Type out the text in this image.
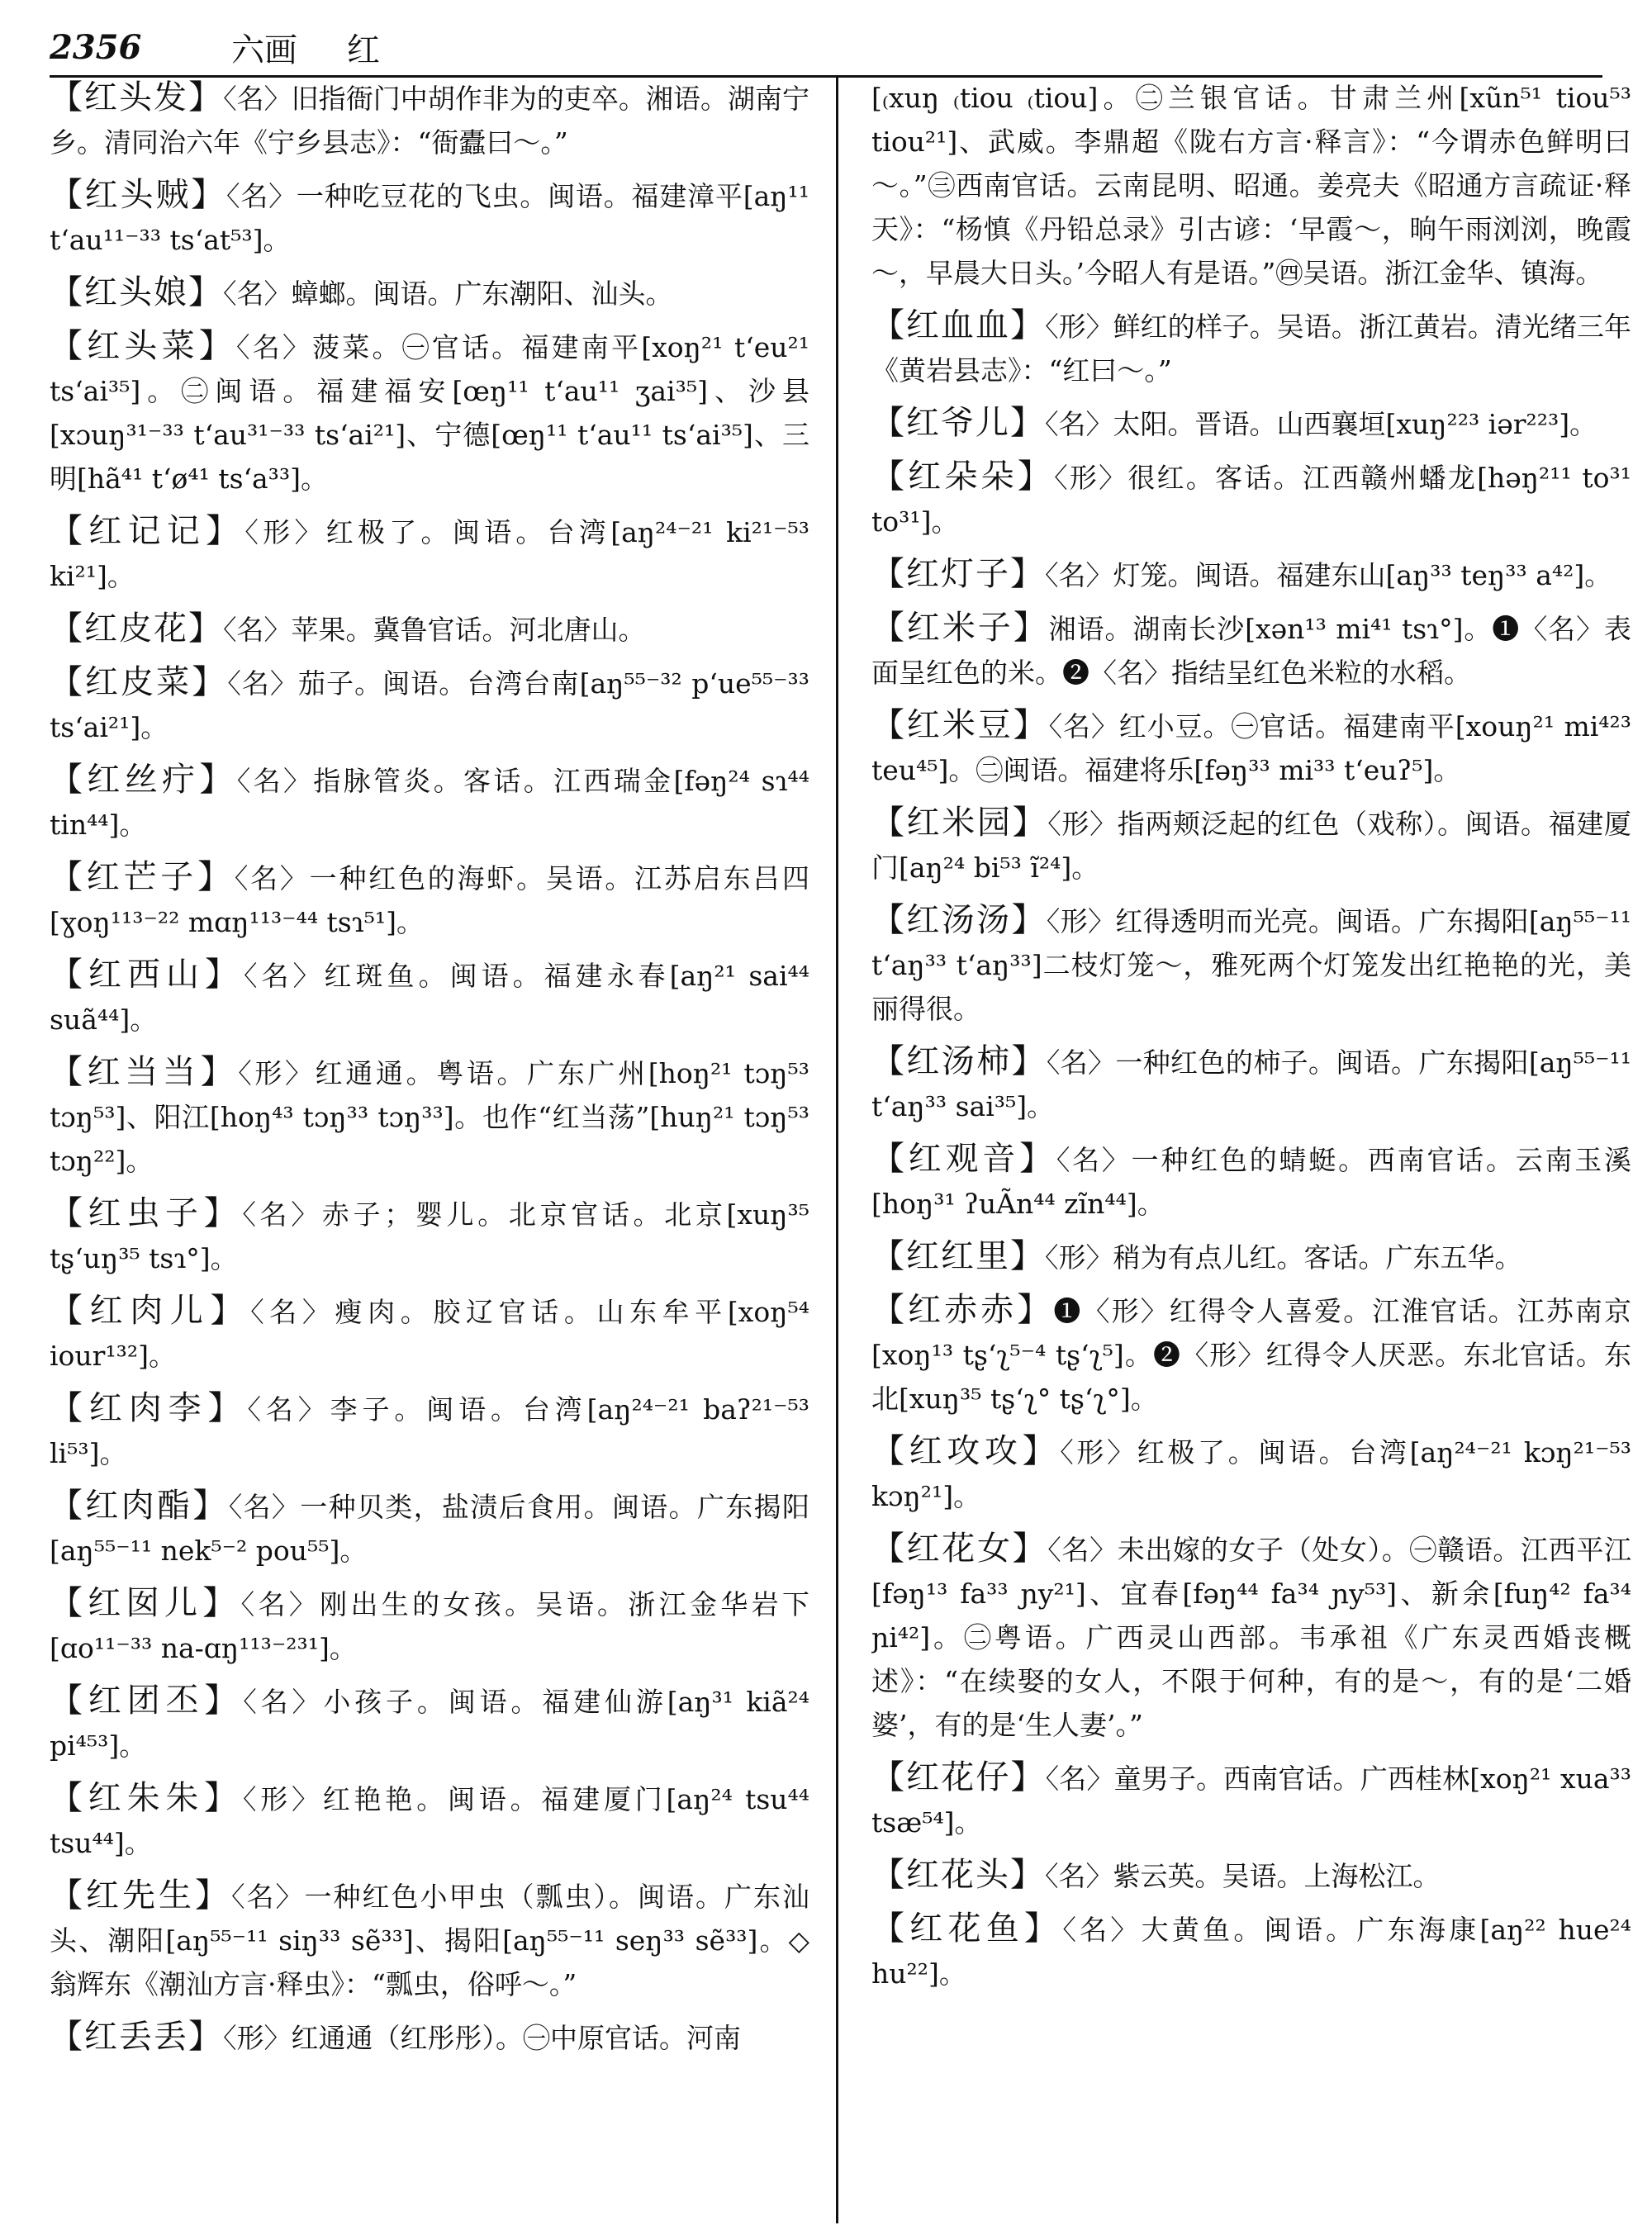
2356	六画 红

【红头发】〈名〉旧指衙门中胡作非为的吏卒。湘语。湖南宁乡。清同治六年《宁乡县志》：“衙蠹曰～。”

【红头贼】〈名〉一种吃豆花的飞虫。闽语。福建漳平[aŋ¹¹ t‘au¹¹⁻³³ ts‘at⁵³]。

【红头娘】〈名〉蟑螂。闽语。广东潮阳、汕头。

【红头菜】〈名〉菠菜。㊀官话。福建南平[xoŋ²¹ t‘eu²¹ ts‘ai³⁵]。㊁闽语。福建福安[œŋ¹¹ t‘au¹¹ ʒai³⁵]、沙县[xɔuŋ³¹⁻³³ t‘au³¹⁻³³ ts‘ai²¹]、宁德[œŋ¹¹ t‘au¹¹ ts‘ai³⁵]、三明[hã⁴¹ t‘ø⁴¹ ts‘a³³]。

【红记记】〈形〉红极了。闽语。台湾[aŋ²⁴⁻²¹ ki²¹⁻⁵³ ki²¹]。

【红皮花】〈名〉苹果。冀鲁官话。河北唐山。

【红皮菜】〈名〉茄子。闽语。台湾台南[aŋ⁵⁵⁻³² p‘ue⁵⁵⁻³³ ts‘ai²¹]。

【红丝疔】〈名〉指脉管炎。客话。江西瑞金[fəŋ²⁴ sɿ⁴⁴ tin⁴⁴]。

【红芒子】〈名〉一种红色的海虾。吴语。江苏启东吕四[ɣoŋ¹¹³⁻²² mɑŋ¹¹³⁻⁴⁴ tsɿ⁵¹]。

【红西山】〈名〉红斑鱼。闽语。福建永春[aŋ²¹ sai⁴⁴ suã⁴⁴]。

【红当当】〈形〉红通通。粤语。广东广州[hoŋ²¹ tɔŋ⁵³ tɔŋ⁵³]、阳江[hoŋ⁴³ tɔŋ³³ tɔŋ³³]。也作“红当荡”[huŋ²¹ tɔŋ⁵³ tɔŋ²²]。

【红虫子】〈名〉赤子；婴儿。北京官话。北京[xuŋ³⁵ tʂ‘uŋ³⁵ tsɿ°]。

【红肉儿】〈名〉瘦肉。胶辽官话。山东牟平[xoŋ⁵⁴ iour¹³²]。

【红肉李】〈名〉李子。闽语。台湾[aŋ²⁴⁻²¹ baʔ²¹⁻⁵³ li⁵³]。

【红肉酯】〈名〉一种贝类，盐渍后食用。闽语。广东揭阳[aŋ⁵⁵⁻¹¹ nek⁵⁻² pou⁵⁵]。

【红囡儿】〈名〉刚出生的女孩。吴语。浙江金华岩下[ɑo¹¹⁻³³ na-ɑŋ¹¹³⁻²³¹]。

【红团丕】〈名〉小孩子。闽语。福建仙游[aŋ³¹ kiã²⁴ pi⁴⁵³]。

【红朱朱】〈形〉红艳艳。闽语。福建厦门[aŋ²⁴ tsu⁴⁴ tsu⁴⁴]。

【红先生】〈名〉一种红色小甲虫（瓢虫）。闽语。广东汕头、潮阳[aŋ⁵⁵⁻¹¹ siŋ³³ sẽ³³]、揭阳[aŋ⁵⁵⁻¹¹ seŋ³³ sẽ³³]。◇翁辉东《潮汕方言·释虫》：“瓢虫，俗呼～。”

【红丢丢】〈形〉红通通（红彤彤）。㊀中原官话。河南

[₍xuŋ ₍tiou ₍tiou]。㊁兰银官话。甘肃兰州[xũn⁵¹ tiou⁵³ tiou²¹]、武威。李鼎超《陇右方言·释言》：“今谓赤色鲜明曰～。”㊂西南官话。云南昆明、昭通。姜亮夫《昭通方言疏证·释天》：“杨慎《丹铅总录》引古谚：‘早霞～，晌午雨浏浏，晚霞～，早晨大日头。’今昭人有是语。”㊃吴语。浙江金华、镇海。

【红血血】〈形〉鲜红的样子。吴语。浙江黄岩。清光绪三年《黄岩县志》：“红曰～。”

【红爷儿】〈名〉太阳。晋语。山西襄垣[xuŋ²²³ iər²²³]。

【红朵朵】〈形〉很红。客话。江西赣州蟠龙[həŋ²¹¹ to³¹ to³¹]。

【红灯子】〈名〉灯笼。闽语。福建东山[aŋ³³ teŋ³³ a⁴²]。

【红米子】湘语。湖南长沙[xən¹³ mi⁴¹ tsɿ°]。❶〈名〉表面呈红色的米。❷〈名〉指结呈红色米粒的水稻。

【红米豆】〈名〉红小豆。㊀官话。福建南平[xouŋ²¹ mi⁴²³ teu⁴⁵]。㊁闽语。福建将乐[fəŋ³³ mi³³ t‘euʔ⁵]。

【红米园】〈形〉指两颊泛起的红色（戏称）。闽语。福建厦门[aŋ²⁴ bi⁵³ ĩ²⁴]。

【红汤汤】〈形〉红得透明而光亮。闽语。广东揭阳[aŋ⁵⁵⁻¹¹ t‘aŋ³³ t‘aŋ³³]二枝灯笼～，雅死两个灯笼发出红艳艳的光，美丽得很。

【红汤柿】〈名〉一种红色的柿子。闽语。广东揭阳[aŋ⁵⁵⁻¹¹ t‘aŋ³³ sai³⁵]。

【红观音】〈名〉一种红色的蜻蜓。西南官话。云南玉溪[hoŋ³¹ ʔuÃn⁴⁴ zĩn⁴⁴]。

【红红里】〈形〉稍为有点儿红。客话。广东五华。

【红赤赤】❶〈形〉红得令人喜爱。江淮官话。江苏南京[xoŋ¹³ tʂ‘ʅ⁵⁻⁴ tʂ‘ʅ⁵]。❷〈形〉红得令人厌恶。东北官话。东北[xuŋ³⁵ tʂ‘ʅ° tʂ‘ʅ°]。

【红攻攻】〈形〉红极了。闽语。台湾[aŋ²⁴⁻²¹ kɔŋ²¹⁻⁵³ kɔŋ²¹]。

【红花女】〈名〉未出嫁的女子（处女）。㊀赣语。江西平江[fəŋ¹³ fa³³ ɲy²¹]、宜春[fəŋ⁴⁴ fa³⁴ ɲy⁵³]、新余[fuŋ⁴² fa³⁴ ɲi⁴²]。㊁粤语。广西灵山西部。韦承祖《广东灵西婚丧概述》：“在续娶的女人，不限于何种，有的是～，有的是‘二婚婆’，有的是‘生人妻’。”

【红花仔】〈名〉童男子。西南官话。广西桂林[xoŋ²¹ xua³³ tsæ⁵⁴]。

【红花头】〈名〉紫云英。吴语。上海松江。

【红花鱼】〈名〉大黄鱼。闽语。广东海康[aŋ²² hue²⁴ hu²²]。
